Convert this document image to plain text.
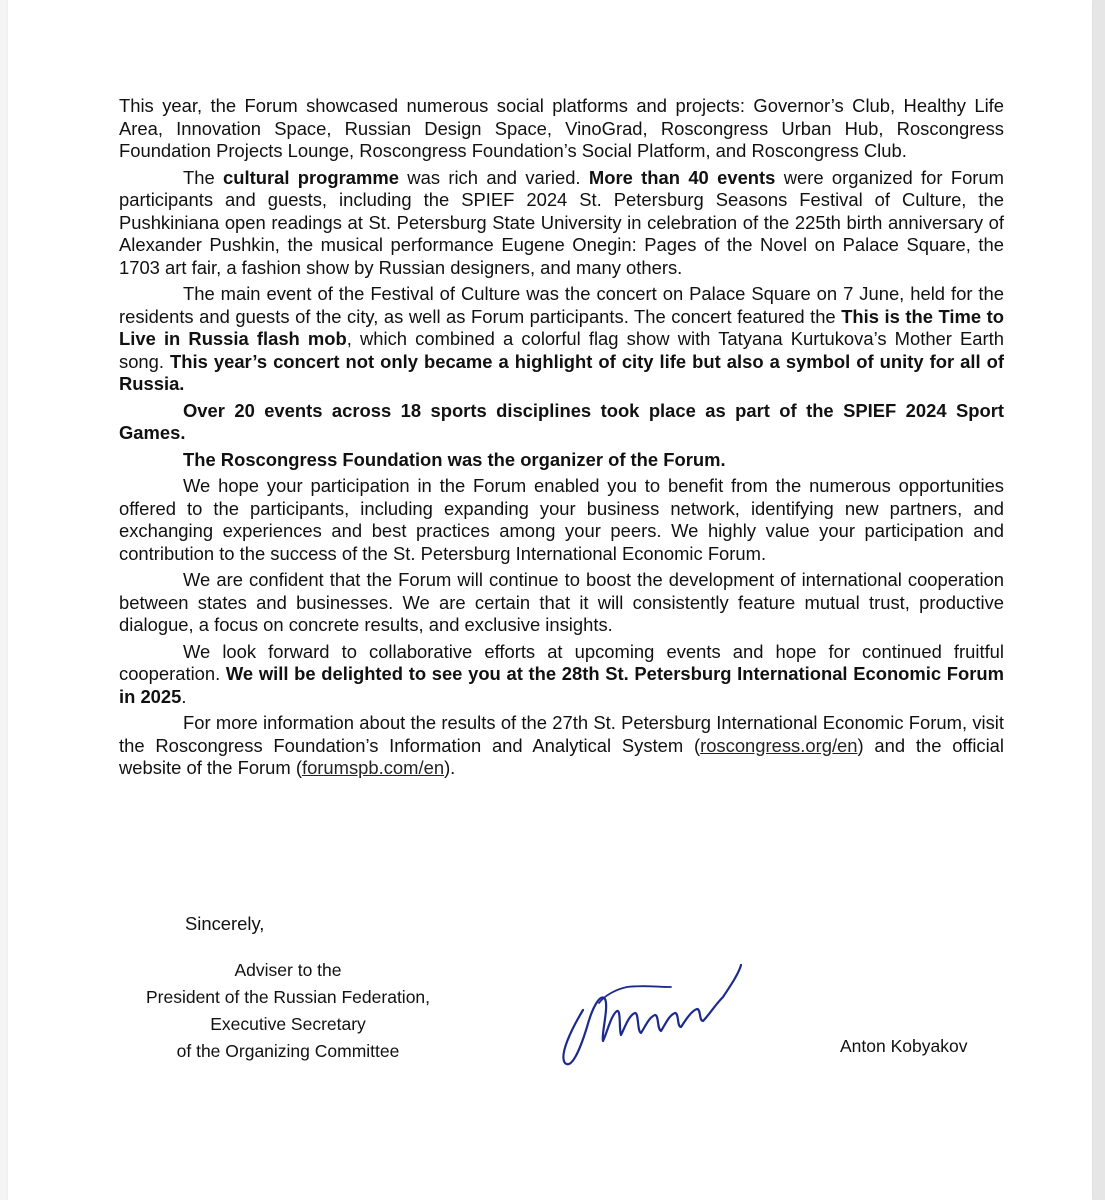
This year, the Forum showcased numerous social platforms and projects: Governor’s Club, Healthy Life Area, Innovation Space, Russian Design Space, VinoGrad, Roscongress Urban Hub, Roscongress Foundation Projects Lounge, Roscongress Foundation’s Social Platform, and Roscongress Club.

The cultural programme was rich and varied. More than 40 events were organized for Forum participants and guests, including the SPIEF 2024 St. Petersburg Seasons Festival of Culture, the Pushkiniana open readings at St. Petersburg State University in celebration of the 225th birth anniversary of Alexander Pushkin, the musical performance Eugene Onegin: Pages of the Novel on Palace Square, the 1703 art fair, a fashion show by Russian designers, and many others.

The main event of the Festival of Culture was the concert on Palace Square on 7 June, held for the residents and guests of the city, as well as Forum participants. The concert featured the This is the Time to Live in Russia flash mob, which combined a colorful flag show with Tatyana Kurtukova’s Mother Earth song. This year’s concert not only became a highlight of city life but also a symbol of unity for all of Russia.

Over 20 events across 18 sports disciplines took place as part of the SPIEF 2024 Sport Games.

The Roscongress Foundation was the organizer of the Forum.

We hope your participation in the Forum enabled you to benefit from the numerous opportunities offered to the participants, including expanding your business network, identifying new partners, and exchanging experiences and best practices among your peers. We highly value your participation and contribution to the success of the St. Petersburg International Economic Forum.

We are confident that the Forum will continue to boost the development of international cooperation between states and businesses. We are certain that it will consistently feature mutual trust, productive dialogue, a focus on concrete results, and exclusive insights.

We look forward to collaborative efforts at upcoming events and hope for continued fruitful cooperation. We will be delighted to see you at the 28th St. Petersburg International Economic Forum in 2025.

For more information about the results of the 27th St. Petersburg International Economic Forum, visit the Roscongress Foundation’s Information and Analytical System (roscongress.org/en) and the official website of the Forum (forumspb.com/en).

Sincerely,
Adviser to the
President of the Russian Federation,
Executive Secretary
of the Organizing Committee	Anton Kobyakov
